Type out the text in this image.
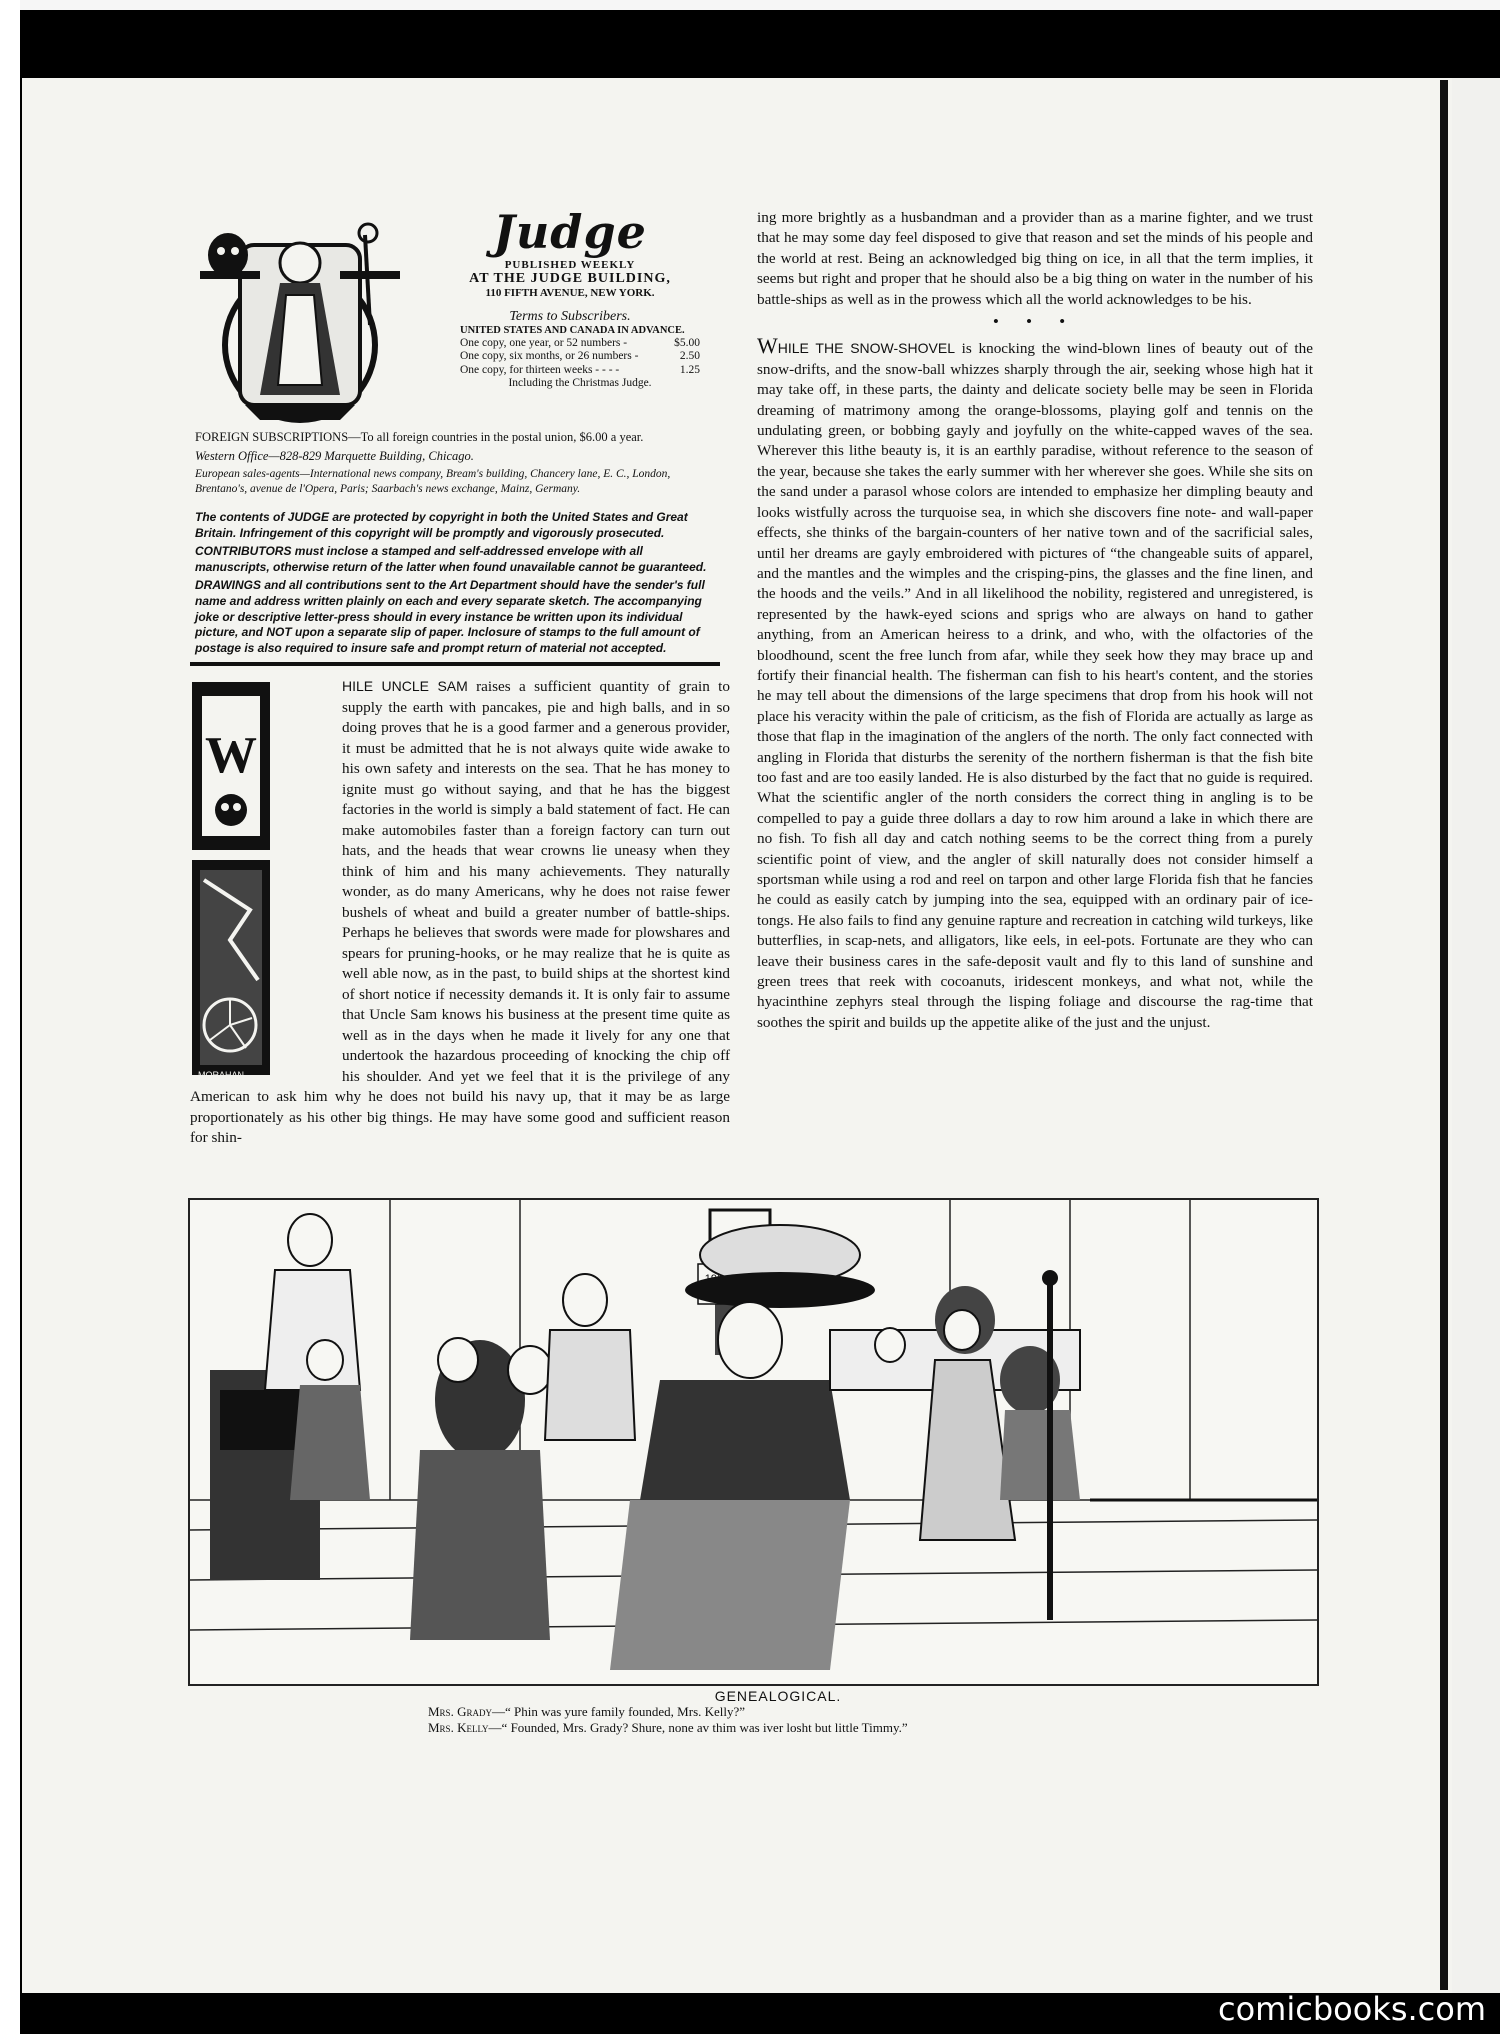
Judge
PUBLISHED WEEKLY
AT THE JUDGE BUILDING,
110 FIFTH AVENUE, NEW YORK.
Terms to Subscribers.
UNITED STATES AND CANADA IN ADVANCE.
One copy, one year, or 52 numbers -	$5.00
One copy, six months, or 26 numbers -	2.50
One copy, for thirteen weeks - - - -	1.25
Including the Christmas Judge.

FOREIGN SUBSCRIPTIONS—To all foreign countries in the postal union, $6.00 a year.

Western Office—828-829 Marquette Building, Chicago.

European sales-agents—International news company, Bream's building, Chancery lane, E. C., London, Brentano's, avenue de l'Opera, Paris; Saarbach's news exchange, Mainz, Germany.

The contents of JUDGE are protected by copyright in both the United States and Great Britain. Infringement of this copyright will be promptly and vigorously prosecuted.

CONTRIBUTORS must inclose a stamped and self-addressed envelope with all manuscripts, otherwise return of the latter when found unavailable cannot be guaranteed.

DRAWINGS and all contributions sent to the Art Department should have the sender's full name and address written plainly on each and every separate sketch. The accompanying joke or descriptive letter-press should in every instance be written upon its individual picture, and NOT upon a separate slip of paper. Inclosure of stamps to the full amount of postage is also required to insure safe and prompt return of material not accepted.

W
MORAHAN

HILE UNCLE SAM raises a sufficient quantity of grain to supply the earth with pancakes, pie and high balls, and in so doing proves that he is a good farmer and a generous provider, it must be admitted that he is not always quite wide awake to his own safety and interests on the sea. That he has money to ignite must go without saying, and that he has the biggest factories in the world is simply a bald statement of fact. He can make automobiles faster than a foreign factory can turn out hats, and the heads that wear crowns lie uneasy when they think of him and his many achievements. They naturally wonder, as do many Americans, why he does not raise fewer bushels of wheat and build a greater number of battle-ships. Perhaps he believes that swords were made for plowshares and spears for pruning-hooks, or he may realize that he is quite as well able now, as in the past, to build ships at the shortest kind of short notice if necessity demands it. It is only fair to assume that Uncle Sam knows his business at the present time quite as well as in the days when he made it lively for any one that undertook the hazardous proceeding of knocking the chip off his shoulder. And yet we feel that it is the privilege of any American to ask him why he does not build his navy up, that it may be as large proportionately as his other big things. He may have some good and sufficient reason for shin-

ing more brightly as a husbandman and a provider than as a marine fighter, and we trust that he may some day feel disposed to give that reason and set the minds of his people and the world at rest. Being an acknowledged big thing on ice, in all that the term implies, it seems but right and proper that he should also be a big thing on water in the number of his battle-ships as well as in the prowess which all the world acknowledges to be his.

• • •

WHILE THE SNOW-SHOVEL is knocking the wind-blown lines of beauty out of the snow-drifts, and the snow-ball whizzes sharply through the air, seeking whose high hat it may take off, in these parts, the dainty and delicate society belle may be seen in Florida dreaming of matrimony among the orange-blossoms, playing golf and tennis on the undulating green, or bobbing gayly and joyfully on the white-capped waves of the sea. Wherever this lithe beauty is, it is an earthly paradise, without reference to the season of the year, because she takes the early summer with her wherever she goes. While she sits on the sand under a parasol whose colors are intended to emphasize her dimpling beauty and looks wistfully across the turquoise sea, in which she discovers fine note- and wall-paper effects, she thinks of the bargain-counters of her native town and of the sacrificial sales, until her dreams are gayly embroidered with pictures of “the changeable suits of apparel, and the mantles and the wimples and the crisping-pins, the glasses and the fine linen, and the hoods and the veils.” And in all likelihood the nobility, registered and unregistered, is represented by the hawk-eyed scions and sprigs who are always on hand to gather anything, from an American heiress to a drink, and who, with the olfactories of the bloodhound, scent the free lunch from afar, while they seek how they may brace up and fortify their financial health. The fisherman can fish to his heart's content, and the stories he may tell about the dimensions of the large specimens that drop from his hook will not place his veracity within the pale of criticism, as the fish of Florida are actually as large as those that flap in the imagination of the anglers of the north. The only fact connected with angling in Florida that disturbs the serenity of the northern fisherman is that the fish bite too fast and are too easily landed. He is also disturbed by the fact that no guide is required. What the scientific angler of the north considers the correct thing in angling is to be compelled to pay a guide three dollars a day to row him around a lake in which there are no fish. To fish all day and catch nothing seems to be the correct thing from a purely scientific point of view, and the angler of skill naturally does not consider himself a sportsman while using a rod and reel on tarpon and other large Florida fish that he fancies he could as easily catch by jumping into the sea, equipped with an ordinary pair of ice-tongs. He also fails to find any genuine rapture and recreation in catching wild turkeys, like butterflies, in scap-nets, and alligators, like eels, in eel-pots. Fortunate are they who can leave their business cares in the safe-deposit vault and fly to this land of sunshine and green trees that reek with cocoanuts, iridescent monkeys, and what not, while the hyacinthine zephyrs steal through the lisping foliage and discourse the rag-time that soothes the spirit and builds up the appetite alike of the just and the unjust.

GENEALOGICAL.
Mrs. Grady—“ Phin was yure family founded, Mrs. Kelly?”
Mrs. Kelly—“ Founded, Mrs. Grady? Shure, none av thim was iver losht but little Timmy.”
comicbooks.com
